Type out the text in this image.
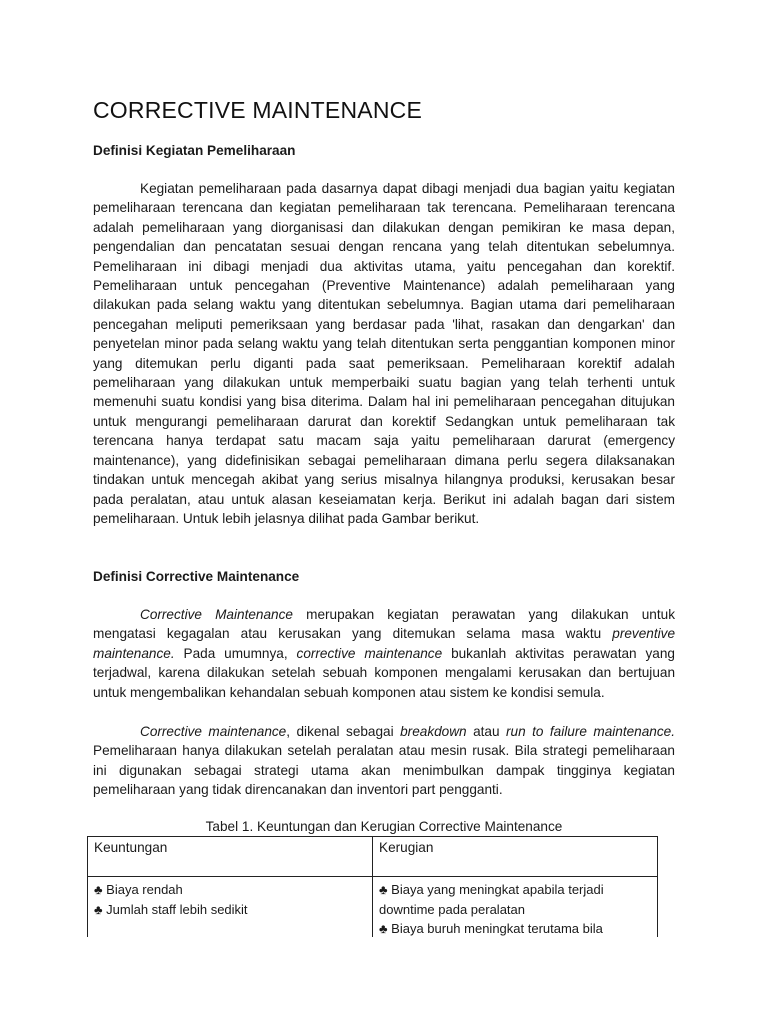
CORRECTIVE MAINTENANCE
Definisi Kegiatan Pemeliharaan

Kegiatan pemeliharaan pada dasarnya dapat dibagi menjadi dua bagian yaitu kegiatan pemeliharaan terencana dan kegiatan pemeliharaan tak terencana. Pemeliharaan terencana adalah pemeliharaan yang diorganisasi dan dilakukan dengan pemikiran ke masa depan, pengendalian dan pencatatan sesuai dengan rencana yang telah ditentukan sebelumnya. Pemeliharaan ini dibagi menjadi dua aktivitas utama, yaitu pencegahan dan korektif. Pemeliharaan untuk pencegahan (Preventive Maintenance) adalah pemeliharaan yang dilakukan pada selang waktu yang ditentukan sebelumnya. Bagian utama dari pemeliharaan pencegahan meliputi pemeriksaan yang berdasar pada 'lihat, rasakan dan dengarkan' dan penyetelan minor pada selang waktu yang telah ditentukan serta penggantian komponen minor yang ditemukan perlu diganti pada saat pemeriksaan. Pemeliharaan korektif adalah pemeliharaan yang dilakukan untuk memperbaiki suatu bagian yang telah terhenti untuk memenuhi suatu kondisi yang bisa diterima. Dalam hal ini pemeliharaan pencegahan ditujukan untuk mengurangi pemeliharaan darurat dan korektif Sedangkan untuk pemeliharaan tak terencana hanya terdapat satu macam saja yaitu pemeliharaan darurat (emergency maintenance), yang didefinisikan sebagai pemeliharaan dimana perlu segera dilaksanakan tindakan untuk mencegah akibat yang serius misalnya hilangnya produksi, kerusakan besar pada peralatan, atau untuk alasan keseiamatan kerja. Berikut ini adalah bagan dari sistem pemeliharaan. Untuk lebih jelasnya dilihat pada Gambar berikut.

Definisi Corrective Maintenance

Corrective Maintenance merupakan kegiatan perawatan yang dilakukan untuk mengatasi kegagalan atau kerusakan yang ditemukan selama masa waktu preventive maintenance. Pada umumnya, corrective maintenance bukanlah aktivitas perawatan yang terjadwal, karena dilakukan setelah sebuah komponen mengalami kerusakan dan bertujuan untuk mengembalikan kehandalan sebuah komponen atau sistem ke kondisi semula.

Corrective maintenance, dikenal sebagai breakdown atau run to failure maintenance. Pemeliharaan hanya dilakukan setelah peralatan atau mesin rusak. Bila strategi pemeliharaan ini digunakan sebagai strategi utama akan menimbulkan dampak tingginya kegiatan pemeliharaan yang tidak direncanakan dan inventori part pengganti.

Tabel 1. Keuntungan dan Kerugian Corrective Maintenance

Keuntungan	Kerugian

♣ Biaya rendah
♣ Jumlah staff lebih sedikit	♣ Biaya yang meningkat apabila terjadi
downtime pada peralatan
♣ Biaya buruh meningkat terutama bila
